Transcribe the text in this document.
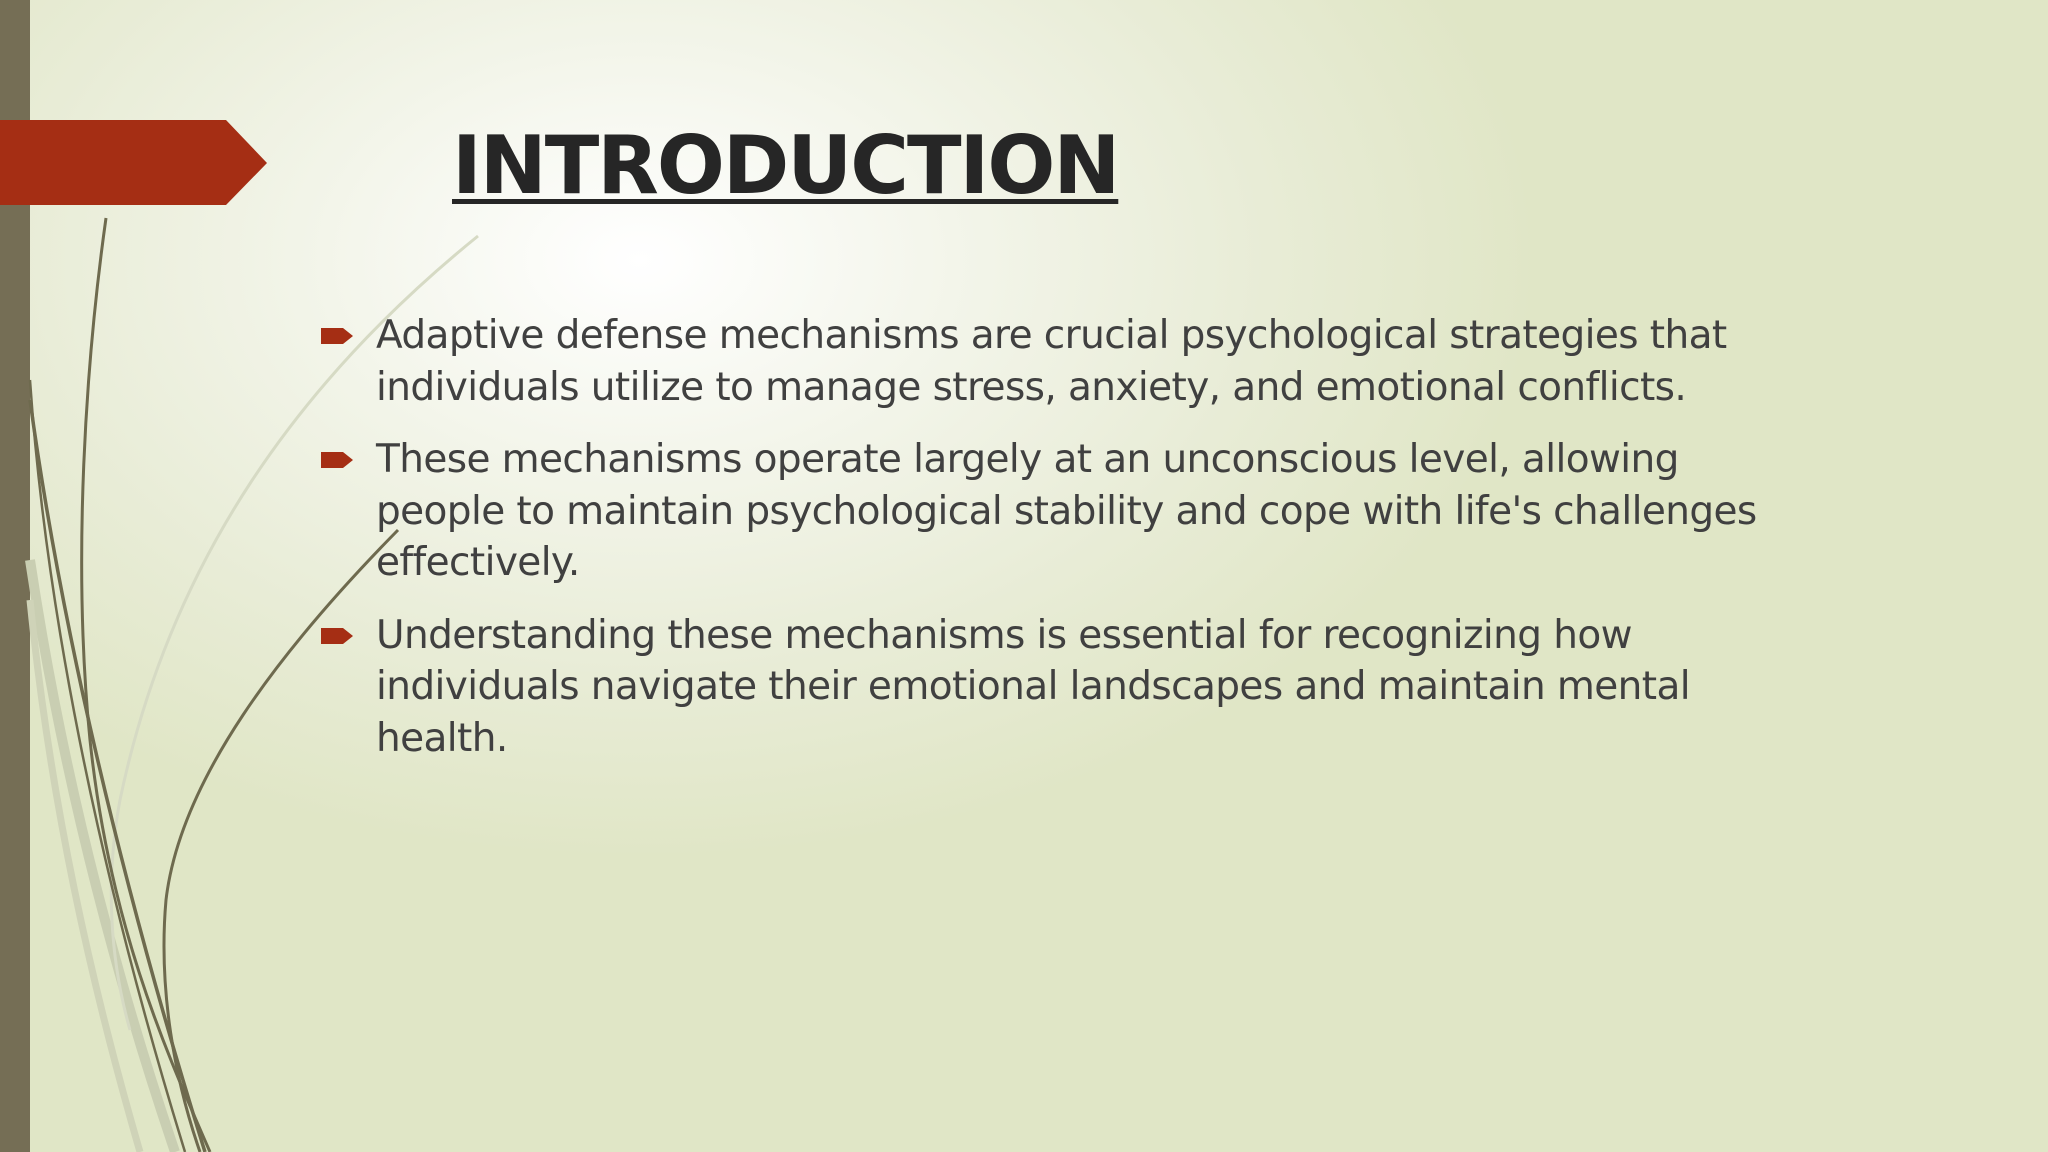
INTRODUCTION
Adaptive defense mechanisms are crucial psychological strategies that individuals utilize to manage stress, anxiety, and emotional conflicts.
These mechanisms operate largely at an unconscious level, allowing people to maintain psychological stability and cope with life's challenges effectively.
Understanding these mechanisms is essential for recognizing how individuals navigate their emotional landscapes and maintain mental health.
